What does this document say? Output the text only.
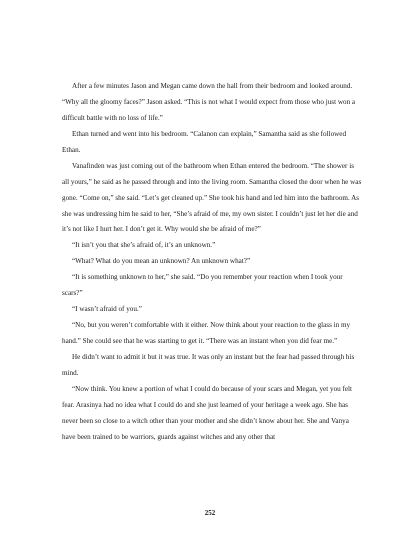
After a few minutes Jason and Megan came down the hall from their bedroom and looked around. “Why all the gloomy faces?” Jason asked. “This is not what I would expect from those who just won a difficult battle with no loss of life.”

Ethan turned and went into his bedroom. “Calanon can explain,” Samantha said as she followed Ethan.

Vanafinden was just coming out of the bathroom when Ethan entered the bedroom. “The shower is all yours,” he said as he passed through and into the living room. Samantha closed the door when he was gone. “Come on,” she said. “Let’s get cleaned up.” She took his hand and led him into the bathroom. As she was undressing him he said to her, “She’s afraid of me, my own sister. I couldn’t just let her die and it’s not like I hurt her. I don’t get it. Why would she be afraid of me?”

“It isn’t you that she’s afraid of, it’s an unknown.”

“What? What do you mean an unknown? An unknown what?”

“It is something unknown to her,” she said. “Do you remember your reaction when I took your scars?”

“I wasn’t afraid of you.”

“No, but you weren’t comfortable with it either. Now think about your reaction to the glass in my hand.” She could see that he was starting to get it. “There was an instant when you did fear me.”

He didn’t want to admit it but it was true. It was only an instant but the fear had passed through his mind.

“Now think. You knew a portion of what I could do because of your scars and Megan, yet you felt fear. Arasinya had no idea what I could do and she just learned of your heritage a week ago. She has never been so close to a witch other than your mother and she didn’t know about her. She and Vanya have been trained to be warriors, guards against witches and any other that

252
